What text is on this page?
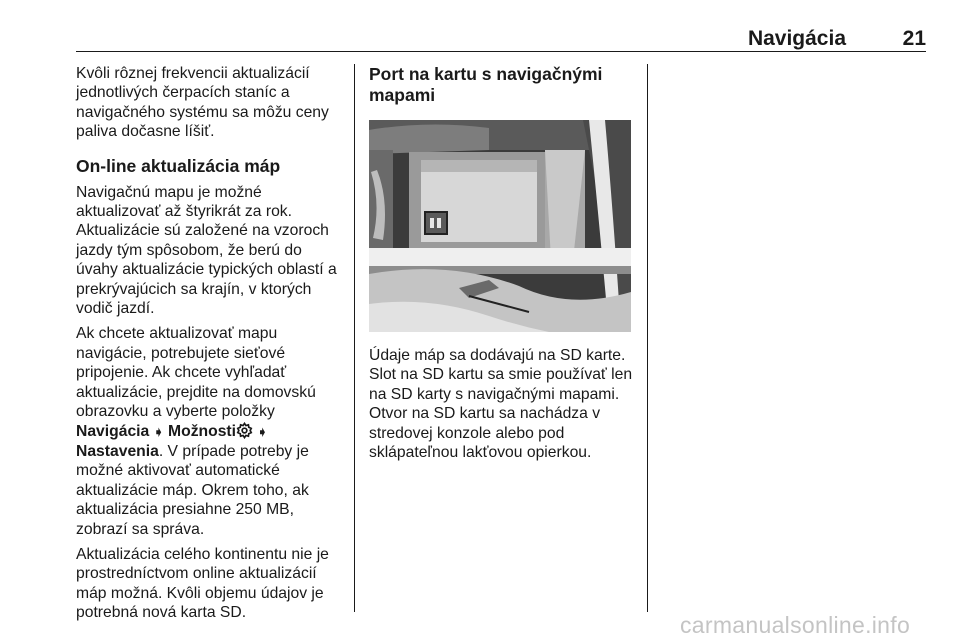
Navigácia	21

Kvôli rôznej frekvencii aktualizácií jednotlivých čerpacích staníc a navigačného systému sa môžu ceny paliva dočasne líšiť.

On-line aktualizácia máp

Navigačnú mapu je možné aktualizovať až štyrikrát za rok. Aktualizácie sú založené na vzoroch jazdy tým spôsobom, že berú do úvahy aktualizácie typických oblastí a prekrývajúcich sa krajín, v ktorých vodič jazdí.

Ak chcete aktualizovať mapu navigácie, potrebujete sieťové pripojenie. Ak chcete vyhľadať aktualizácie, prejdite na domovskú obrazovku a vyberte položky Navigácia ➧ Možnosti ➧ Nastavenia. V prípade potreby je možné aktivovať automatické aktualizácie máp. Okrem toho, ak aktualizácia presiahne 250 MB, zobrazí sa správa.

Aktualizácia celého kontinentu nie je prostredníctvom online aktualizácií máp možná. Kvôli objemu údajov je potrebná nová karta SD.

Port na kartu s navigačnými mapami

Údaje máp sa dodávajú na SD karte. Slot na SD kartu sa smie používať len na SD karty s navigačnými mapami. Otvor na SD kartu sa nachádza v stredovej konzole alebo pod sklápateľnou lakťovou opierkou.

carmanualsonline.info
